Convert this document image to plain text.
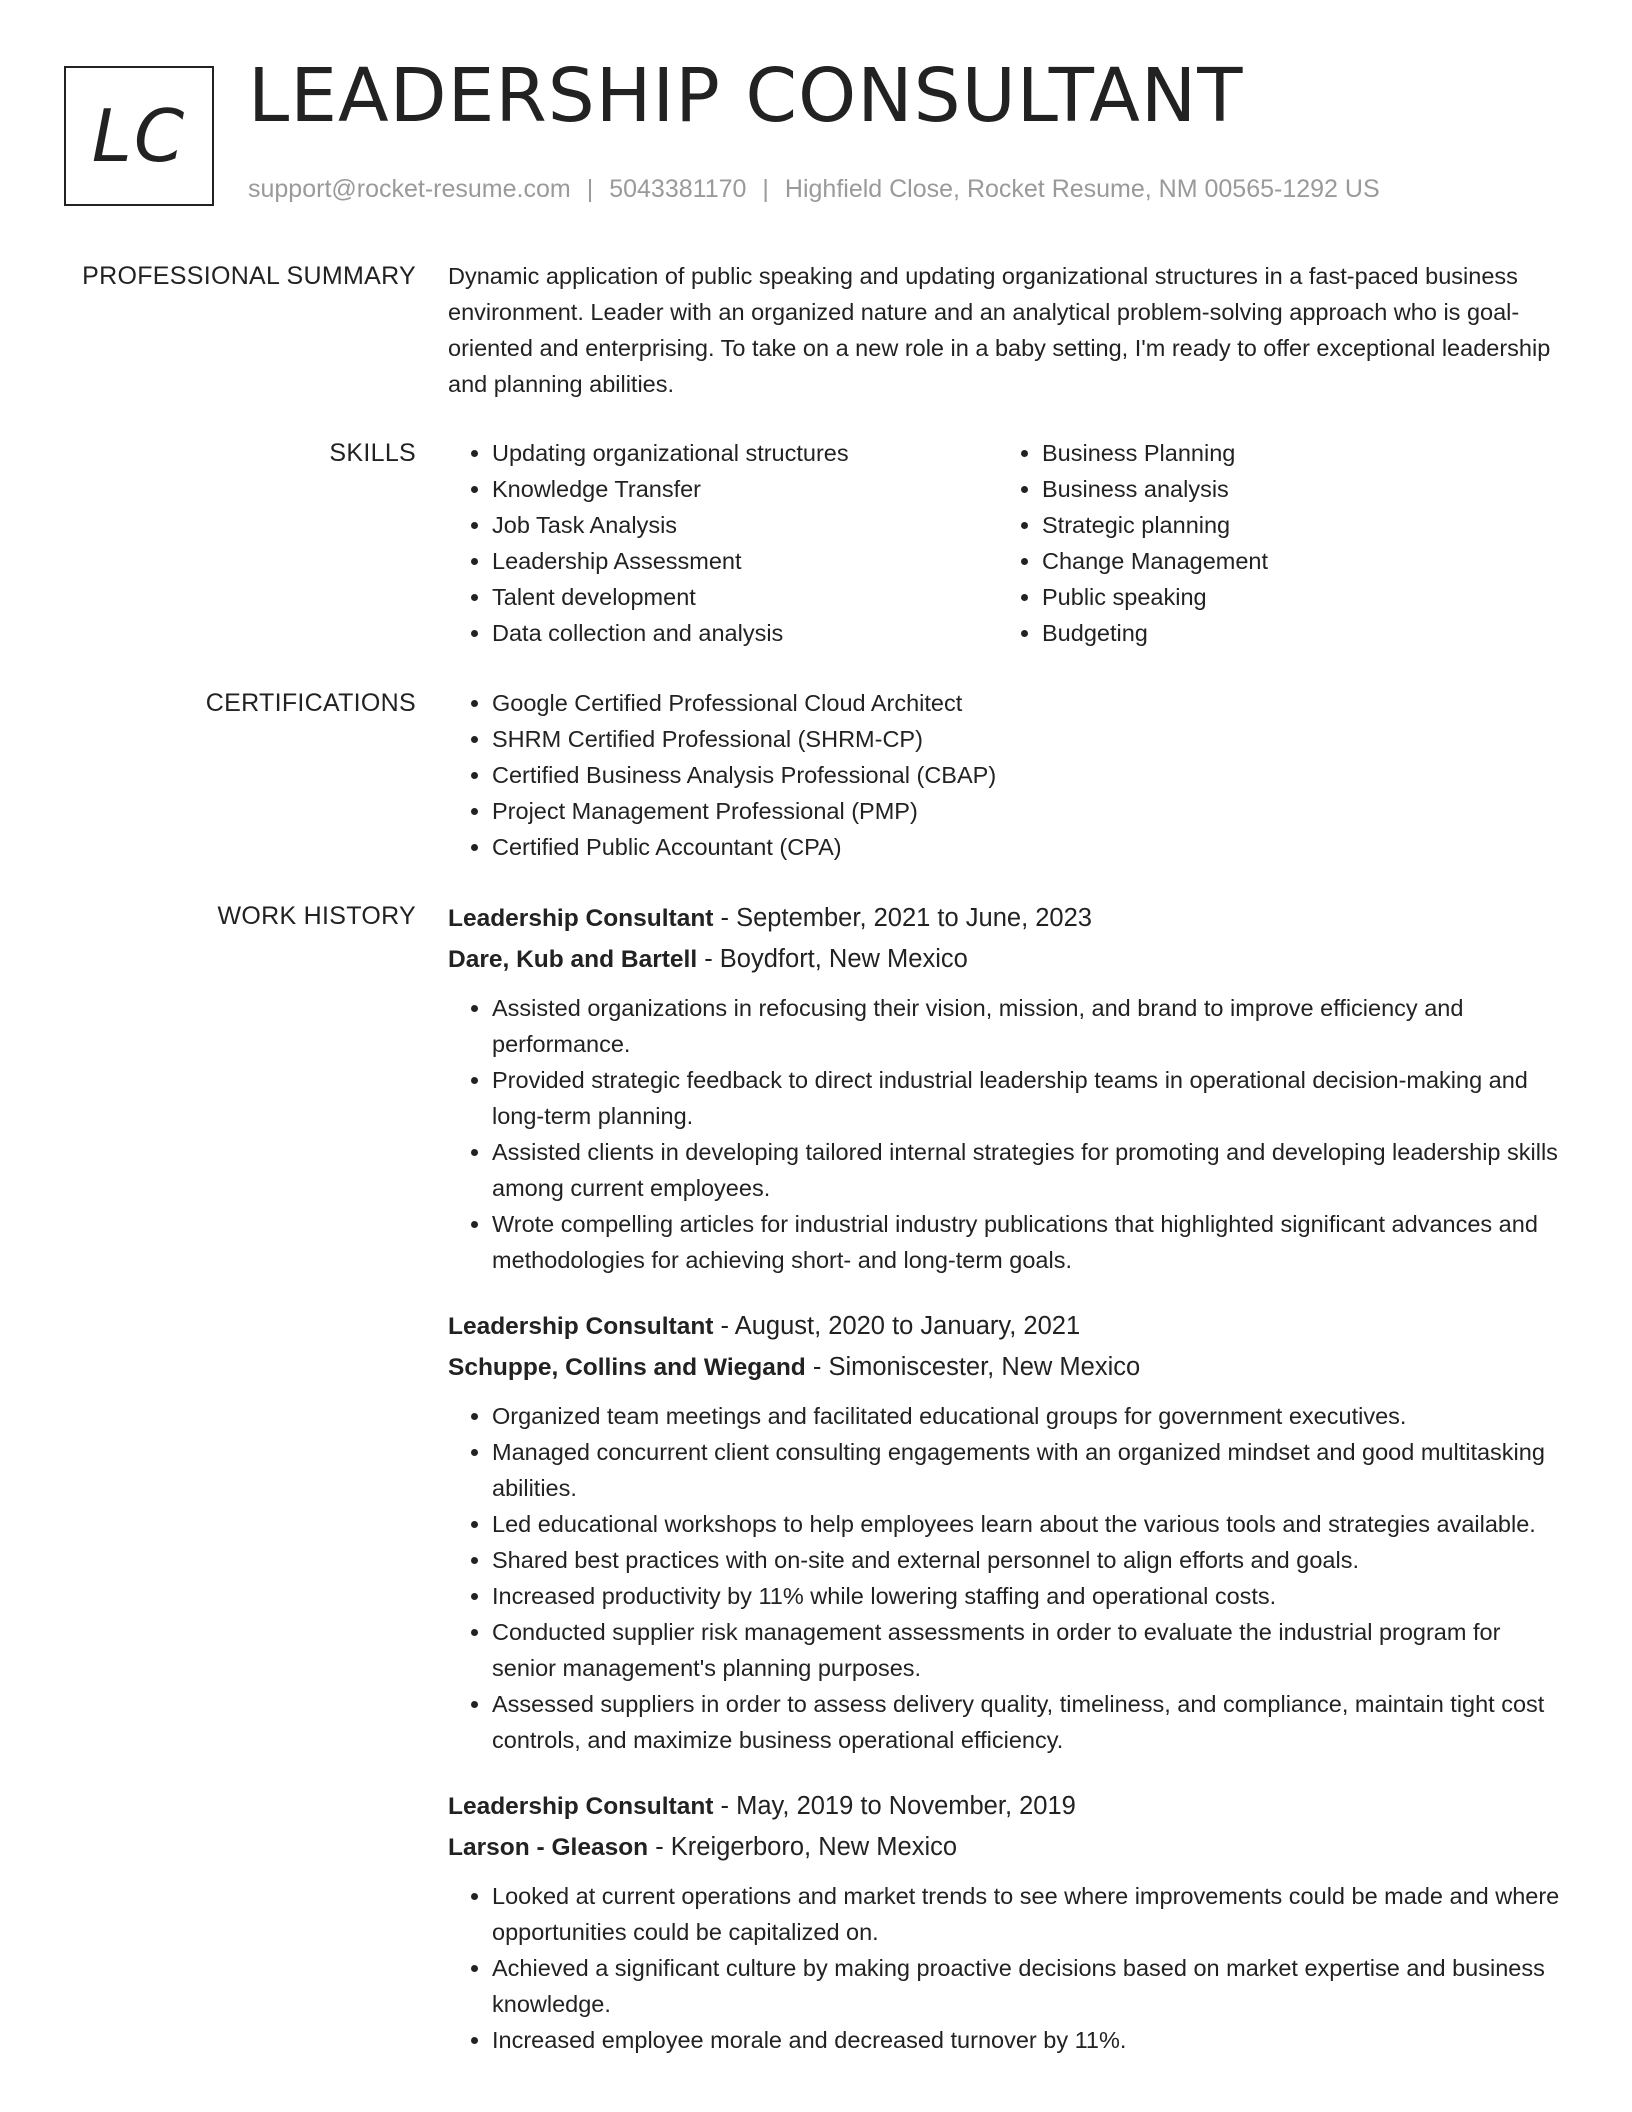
LC LEADERSHIP CONSULTANT
support@rocket-resume.com | 5043381170 | Highfield Close, Rocket Resume, NM 00565-1292 US
PROFESSIONAL SUMMARY Dynamic application of public speaking and updating organizational structures in a fast-paced business environment. Leader with an organized nature and an analytical problem-solving approach who is goal-oriented and enterprising. To take on a new role in a baby setting, I'm ready to offer exceptional leadership and planning abilities.
SKILLS	• Updating organizational structures
• Knowledge Transfer
• Job Task Analysis
• Leadership Assessment
• Talent development
• Data collection and analysis
• Business Planning
• Business analysis
• Strategic planning
• Change Management
• Public speaking
• Budgeting
CERTIFICATIONS	• Google Certified Professional Cloud Architect
• SHRM Certified Professional (SHRM-CP)
• Certified Business Analysis Professional (CBAP)
• Project Management Professional (PMP)
• Certified Public Accountant (CPA)
WORK HISTORY Leadership Consultant - September, 2021 to June, 2023
Dare, Kub and Bartell - Boydfort, New Mexico
• Assisted organizations in refocusing their vision, mission, and brand to improve efficiency and performance.
• Provided strategic feedback to direct industrial leadership teams in operational decision-making and long-term planning.
• Assisted clients in developing tailored internal strategies for promoting and developing leadership skills among current employees.
• Wrote compelling articles for industrial industry publications that highlighted significant advances and methodologies for achieving short- and long-term goals.
Leadership Consultant - August, 2020 to January, 2021
Schuppe, Collins and Wiegand - Simoniscester, New Mexico
• Organized team meetings and facilitated educational groups for government executives.
• Managed concurrent client consulting engagements with an organized mindset and good multitasking abilities.
• Led educational workshops to help employees learn about the various tools and strategies available.
• Shared best practices with on-site and external personnel to align efforts and goals.
• Increased productivity by 11% while lowering staffing and operational costs.
• Conducted supplier risk management assessments in order to evaluate the industrial program for senior management's planning purposes.
• Assessed suppliers in order to assess delivery quality, timeliness, and compliance, maintain tight cost controls, and maximize business operational efficiency.
Leadership Consultant - May, 2019 to November, 2019
Larson - Gleason - Kreigerboro, New Mexico
• Looked at current operations and market trends to see where improvements could be made and where opportunities could be capitalized on.
• Achieved a significant culture by making proactive decisions based on market expertise and business knowledge.
• Increased employee morale and decreased turnover by 11%.
